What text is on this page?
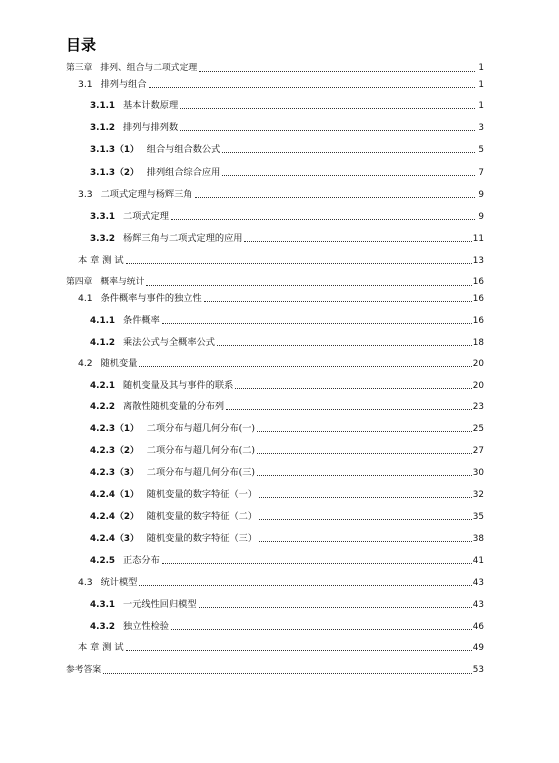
目录
第三章 排列、组合与二项式定理	1
3.1 排列与组合	1
3.1.1 基本计数原理	1
3.1.2 排列与排列数	3
3.1.3（1） 组合与组合数公式	5
3.1.3（2） 排列组合综合应用	7
3.3 二项式定理与杨辉三角	9
3.3.1 二项式定理	9
3.3.2 杨辉三角与二项式定理的应用	11
本 章 测 试	13
第四章 概率与统计	16
4.1 条件概率与事件的独立性	16
4.1.1 条件概率	16
4.1.2 乘法公式与全概率公式	18
4.2 随机变量	20
4.2.1 随机变量及其与事件的联系	20
4.2.2 离散性随机变量的分布列	23
4.2.3（1） 二项分布与超几何分布(一)	25
4.2.3（2） 二项分布与超几何分布(二)	27
4.2.3（3） 二项分布与超几何分布(三)	30
4.2.4（1） 随机变量的数字特征（一）	32
4.2.4（2） 随机变量的数字特征（二）	35
4.2.4（3） 随机变量的数字特征（三）	38
4.2.5 正态分布	41
4.3 统计模型	43
4.3.1 一元线性回归模型	43
4.3.2 独立性检验	46
本 章 测 试	49
参考答案	53
